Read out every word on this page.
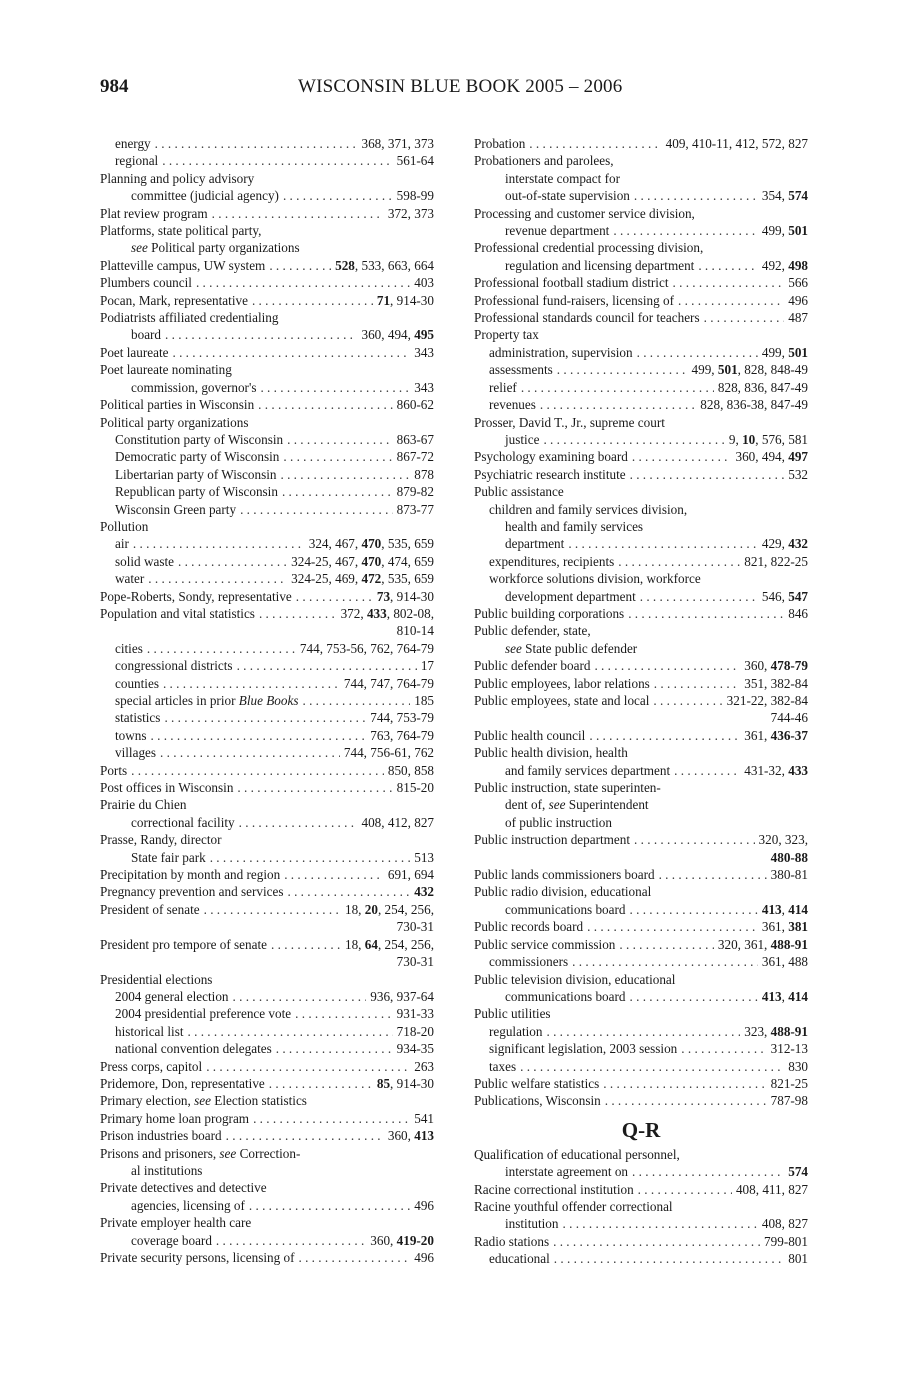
984	WISCONSIN BLUE BOOK 2005 – 2006
energy . . .	368, 371, 373
regional . . .	561-64
Planning and policy advisory
committee (judicial agency) . . .	598-99
Plat review program . . .	372, 373
Platforms, state political party,
see Political party organizations
Platteville campus, UW system . . .	528, 533, 663, 664
Plumbers council . . .	403
Pocan, Mark, representative . . .	71, 914-30
Podiatrists affiliated credentialing
board . . .	360, 494, 495
Poet laureate . . .	343
Poet laureate nominating
commission, governor's . . .	343
Political parties in Wisconsin . . .	860-62
Political party organizations
Constitution party of Wisconsin . . .	863-67
Democratic party of Wisconsin . . .	867-72
Libertarian party of Wisconsin . . .	878
Republican party of Wisconsin . . .	879-82
Wisconsin Green party . . .	873-77
Pollution
air . . .	324, 467, 470, 535, 659
solid waste . . .	324-25, 467, 470, 474, 659
water . . .	324-25, 469, 472, 535, 659
Pope-Roberts, Sondy, representative . . .	73, 914-30
Population and vital statistics . . .	372, 433, 802-08,
810-14
cities . . .	744, 753-56, 762, 764-79
congressional districts . . .	17
counties . . .	744, 747, 764-79
special articles in prior Blue Books . . .	185
statistics . . .	744, 753-79
towns . . .	763, 764-79
villages . . .	744, 756-61, 762
Ports . . .	850, 858
Post offices in Wisconsin . . .	815-20
Prairie du Chien
correctional facility . . .	408, 412, 827
Prasse, Randy, director
State fair park . . .	513
Precipitation by month and region . . .	691, 694
Pregnancy prevention and services . . .	432
President of senate . . .	18, 20, 254, 256,
730-31
President pro tempore of senate . . .	18, 64, 254, 256,
730-31
Presidential elections
2004 general election . . .	936, 937-64
2004 presidential preference vote . . .	931-33
historical list . . .	718-20
national convention delegates . . .	934-35
Press corps, capitol . . .	263
Pridemore, Don, representative . . .	85, 914-30
Primary election, see Election statistics
Primary home loan program . . .	541
Prison industries board . . .	360, 413
Prisons and prisoners, see Correction-
al institutions
Private detectives and detective
agencies, licensing of . . .	496
Private employer health care
coverage board . . .	360, 419-20
Private security persons, licensing of . . .	496
Probation . . .	409, 410-11, 412, 572, 827
Probationers and parolees,
interstate compact for
out-of-state supervision . . .	354, 574
Processing and customer service division,
revenue department . . .	499, 501
Professional credential processing division,
regulation and licensing department . . .	492, 498
Professional football stadium district . . .	566
Professional fund-raisers, licensing of . . .	496
Professional standards council for teachers . . .	487
Property tax
administration, supervision . . .	499, 501
assessments . . .	499, 501, 828, 848-49
relief . . .	828, 836, 847-49
revenues . . .	828, 836-38, 847-49
Prosser, David T., Jr., supreme court
justice . . .	9, 10, 576, 581
Psychology examining board . . .	360, 494, 497
Psychiatric research institute . . .	532
Public assistance
children and family services division,
health and family services
department . . .	429, 432
expenditures, recipients . . .	821, 822-25
workforce solutions division, workforce
development department . . .	546, 547
Public building corporations . . .	846
Public defender, state,
see State public defender
Public defender board . . .	360, 478-79
Public employees, labor relations . . .	351, 382-84
Public employees, state and local . . .	321-22, 382-84
744-46
Public health council . . .	361, 436-37
Public health division, health
and family services department . . .	431-32, 433
Public instruction, state superinten-
dent of, see Superintendent
of public instruction
Public instruction department . . .	320, 323,
480-88
Public lands commissioners board . . .	380-81
Public radio division, educational
communications board . . .	413, 414
Public records board . . .	361, 381
Public service commission . . .	320, 361, 488-91
commissioners . . .	361, 488
Public television division, educational
communications board . . .	413, 414
Public utilities
regulation . . .	323, 488-91
significant legislation, 2003 session . . .	312-13
taxes . . .	830
Public welfare statistics . . .	821-25
Publications, Wisconsin . . .	787-98
Q-R
Qualification of educational personnel,
interstate agreement on . . .	574
Racine correctional institution . . .	408, 411, 827
Racine youthful offender correctional
institution . . .	408, 827
Radio stations . . .	799-801
educational . . .	801
